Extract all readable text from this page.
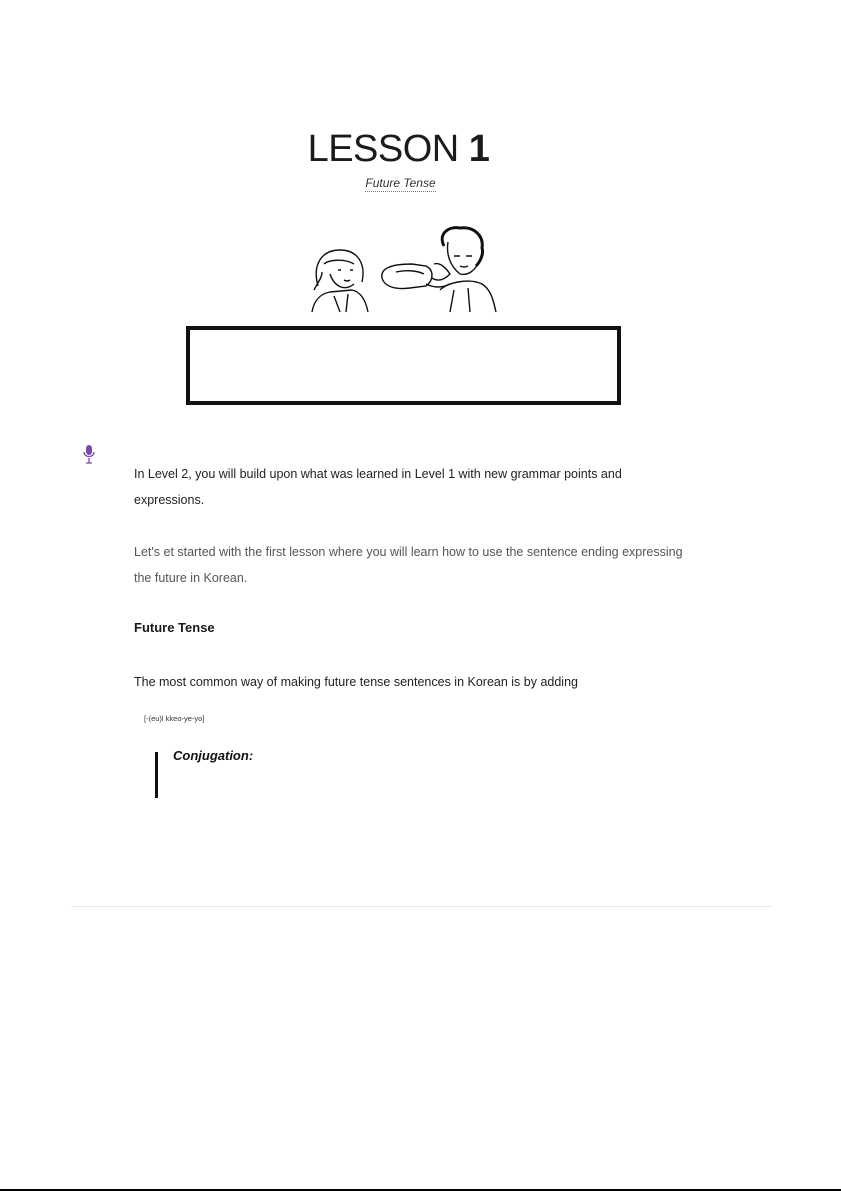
LESSON 1
Future Tense
In Level 2, you will build upon what was learned in Level 1 with new grammar points and expressions.
Let's et started with the first lesson where you will learn how to use the sentence ending expressing the future in Korean.
Future Tense
The most common way of making future tense sentences in Korean is by adding
[-(eu)l kkeo-ye-yo]
Conjugation:
